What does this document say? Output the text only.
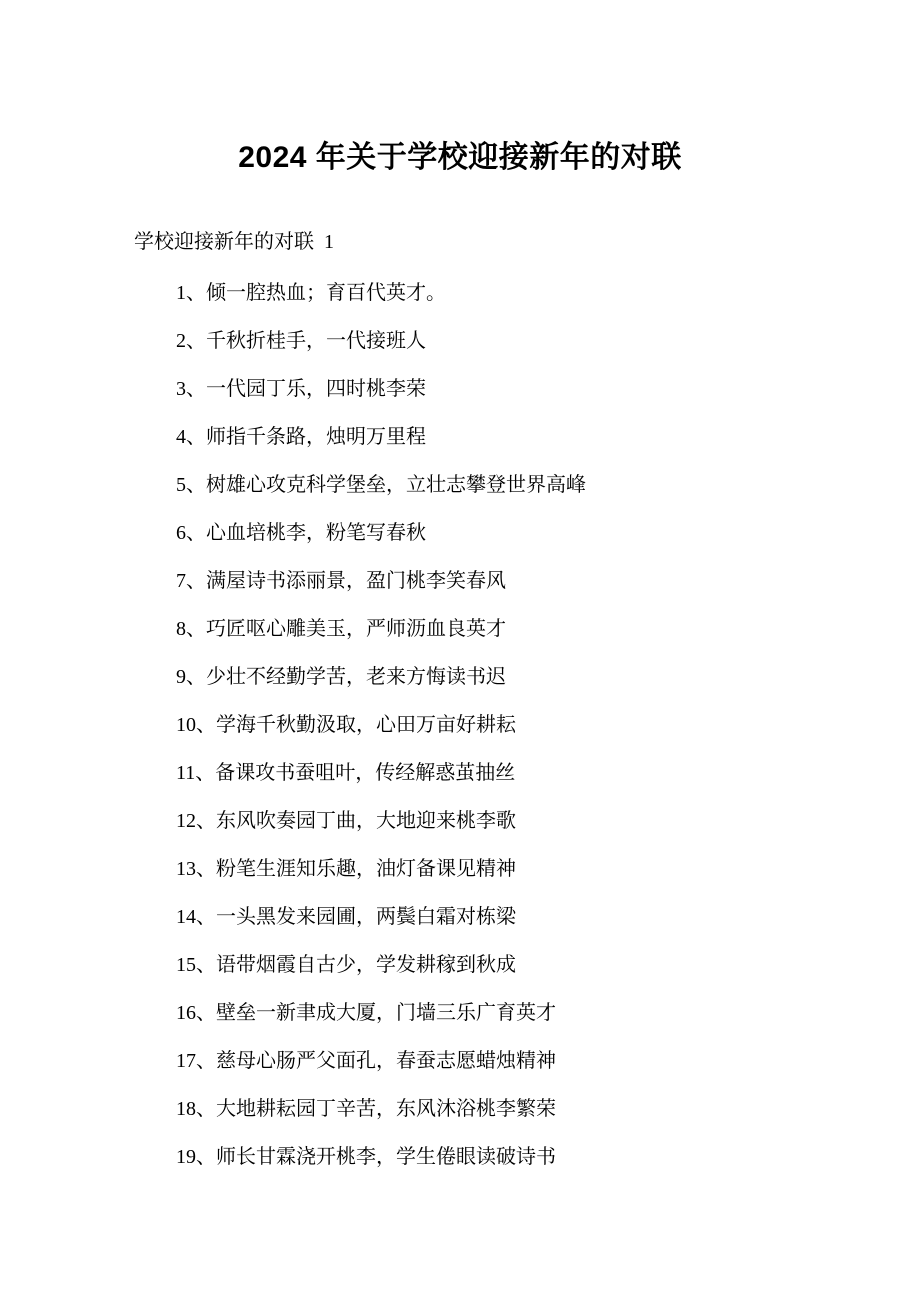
2024 年关于学校迎接新年的对联
学校迎接新年的对联  1
1、倾一腔热血；育百代英才。
2、千秋折桂手，一代接班人
3、一代园丁乐，四时桃李荣
4、师指千条路，烛明万里程
5、树雄心攻克科学堡垒，立壮志攀登世界高峰
6、心血培桃李，粉笔写春秋
7、满屋诗书添丽景，盈门桃李笑春风
8、巧匠呕心雕美玉，严师沥血良英才
9、少壮不经勤学苦，老来方悔读书迟
10、学海千秋勤汲取，心田万亩好耕耘
11、备课攻书蚕咀叶，传经解惑茧抽丝
12、东风吹奏园丁曲，大地迎来桃李歌
13、粉笔生涯知乐趣，油灯备课见精神
14、一头黑发来园圃，两鬓白霜对栋梁
15、语带烟霞自古少，学发耕稼到秋成
16、壁垒一新聿成大厦，门墙三乐广育英才
17、慈母心肠严父面孔，春蚕志愿蜡烛精神
18、大地耕耘园丁辛苦，东风沐浴桃李繁荣
19、师长甘霖浇开桃李，学生倦眼读破诗书
